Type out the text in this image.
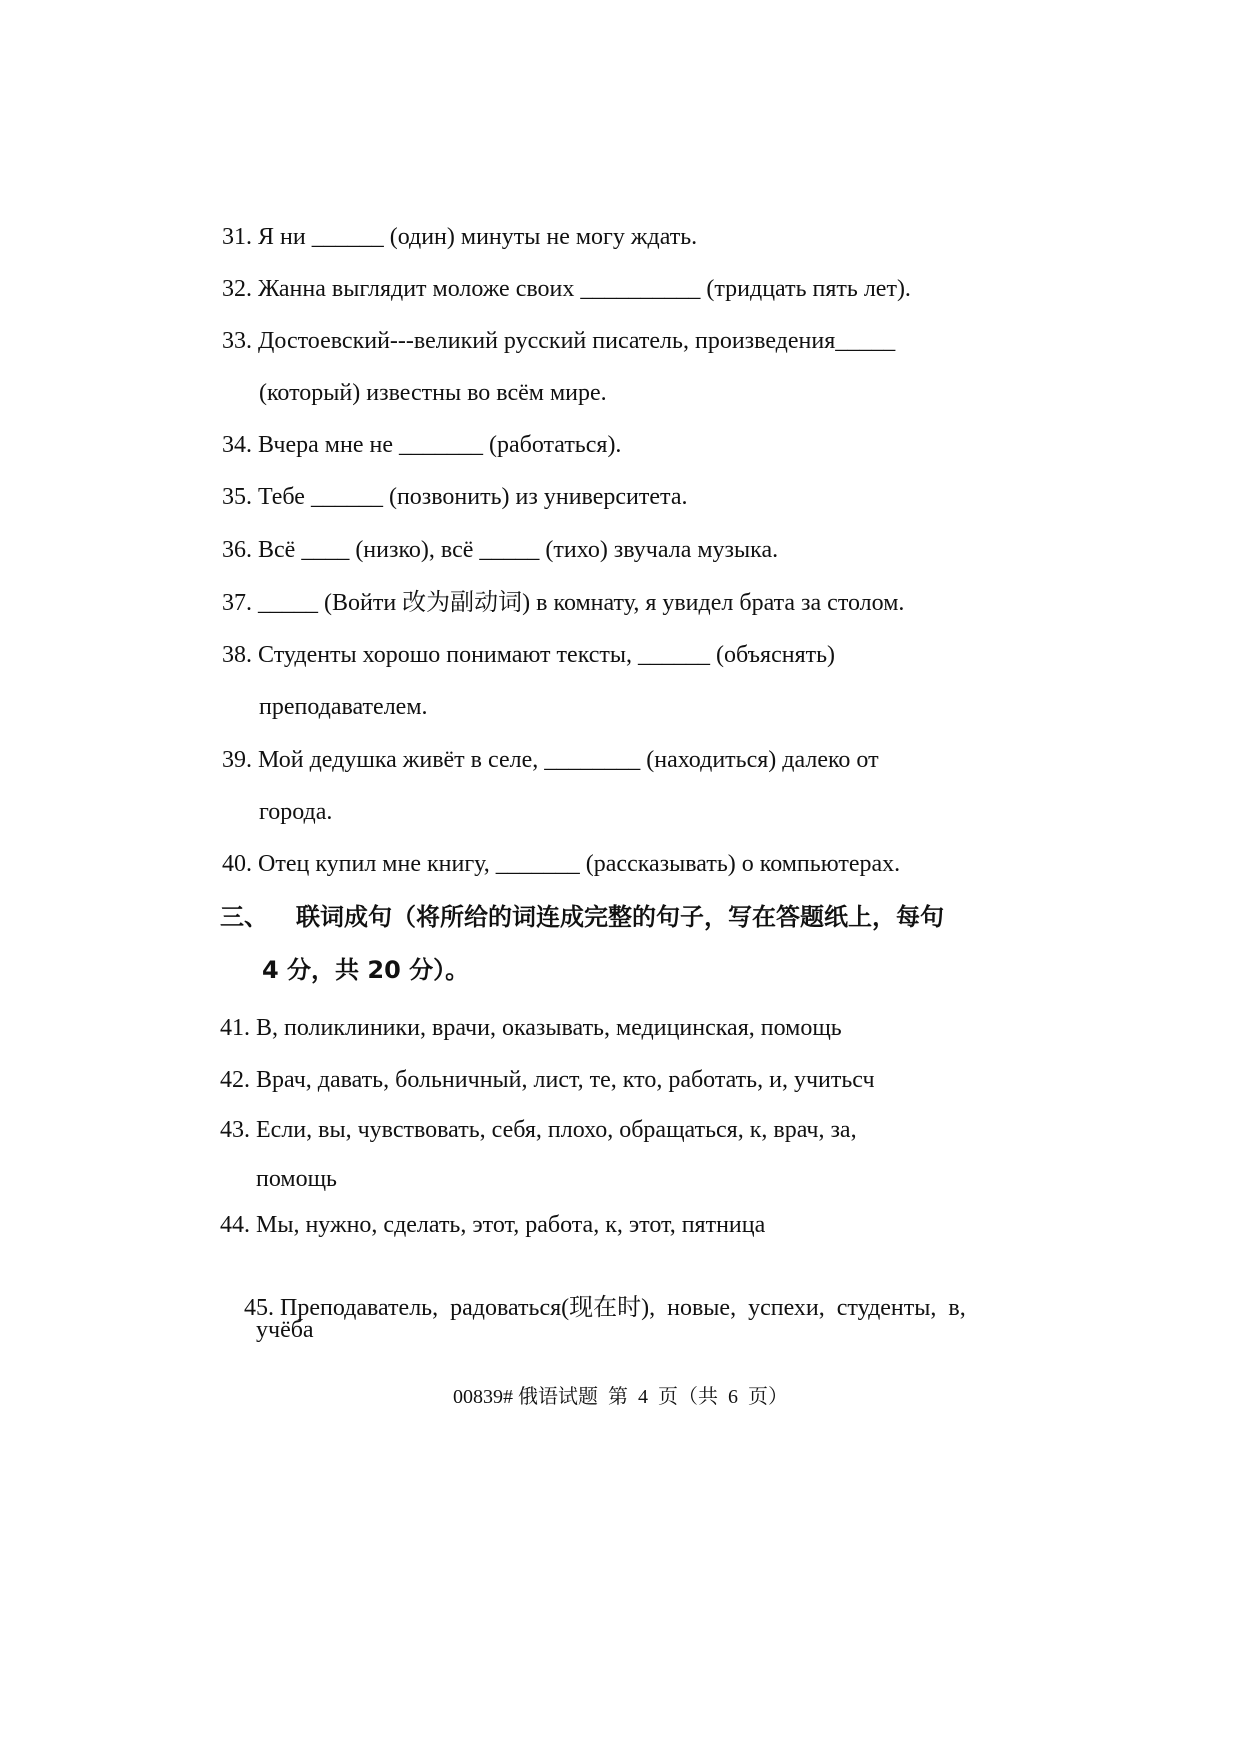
31. Я ни ______ (один) минуты не могу ждать.
32. Жанна выглядит моложе своих __________ (тридцать пять лет).
33. Достоевский---великий русский писатель, произведения_____
(который) известны во всём мире.
34. Вчера мне не _______ (работаться).
35. Тебе ______ (позвонить) из университета.
36. Всё ____ (низко), всё _____ (тихо) звучала музыка.
37. _____ (Войти 改为副动词) в комнату, я увидел брата за столом.
38. Студенты хорошо понимают тексты, ______ (объяснять)
преподавателем.
39. Мой дедушка живёт в селе, ________ (находиться) далеко от
города.
40. Отец купил мне книгу, _______ (рассказывать) о компьютерах.
三、 联词成句（将所给的词连成完整的句子，写在答题纸上，每句
4 分，共 20 分）。
41. В, поликлиники, врачи, оказывать, медицинская, помощь
42. Врач, давать, больничный, лист, те, кто, работать, и, учитьсч
43. Если, вы, чувствовать, себя, плохо, обращаться, к, врач, за,
помощь
44. Мы, нужно, сделать, этот, работа, к, этот, пятница

45. Преподаватель,  радоваться(现在时),  новые,  успехи,  студенты,  в,

учёба
00839# 俄语试题  第  4  页（共  6  页）
